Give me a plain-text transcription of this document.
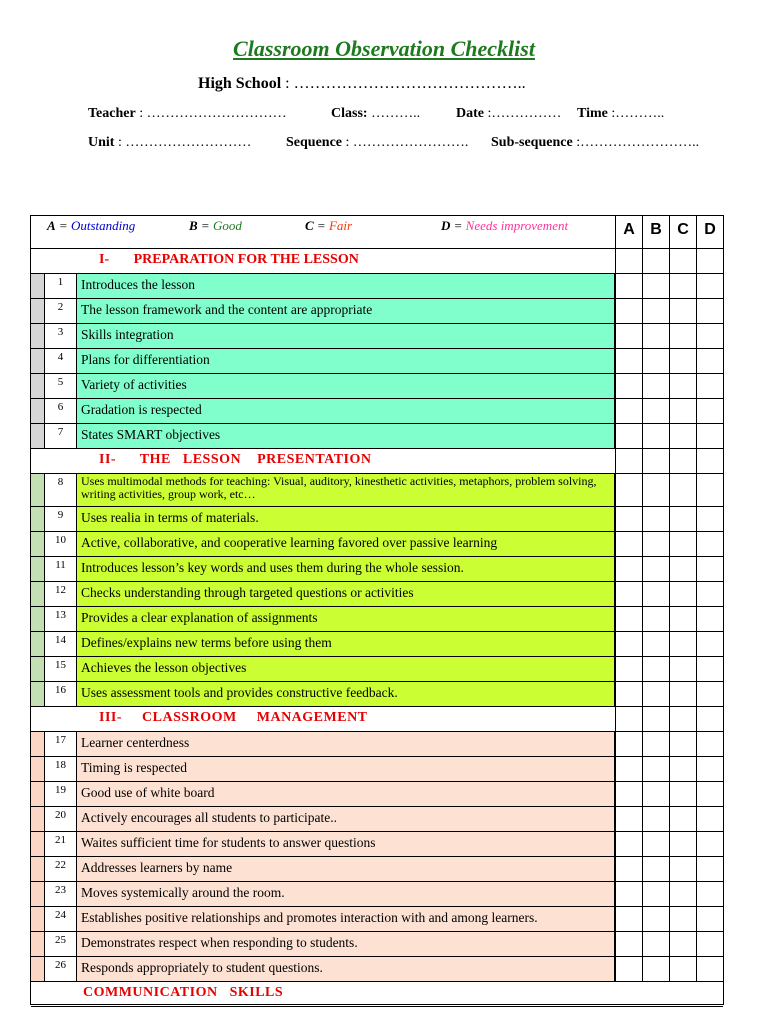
Classroom Observation Checklist
High School : ……………………………………..
Teacher : …………………………	Class: ………..	Date :…………… Time :………..
Unit : ……………………… Sequence : ……………………. Sub-sequence :……………………..
A = Outstanding	B = Good	C = Fair	D = Needs improvement	A B C D
I-       PREPARATION FOR THE LESSON
1	Introduces the lesson
2	The lesson framework and the content are appropriate
3	Skills integration
4	Plans for differentiation
5	Variety of activities
6	Gradation is respected
7	States SMART objectives
II-      THE   LESSON    PRESENTATION
8	Uses multimodal methods for teaching: Visual, auditory, kinesthetic activities, metaphors, problem solving, writing activities, group work, etc…
9	Uses realia in terms of materials.
10	Active, collaborative, and cooperative learning favored over passive learning
11	Introduces lesson’s key words and uses them during the whole session.
12	Checks understanding through targeted questions or activities
13	Provides a clear explanation of assignments
14	Defines/explains new terms before using them
15	Achieves the lesson objectives
16	Uses assessment tools and provides constructive feedback.
III-     CLASSROOM     MANAGEMENT
17	Learner centerdness
18	Timing is respected
19	Good use of white board
20	Actively encourages all students to participate..
21	Waites sufficient time for students to answer questions
22	Addresses learners by name
23	Moves systemically around the room.
24	Establishes positive relationships and promotes interaction with and among learners.
25	Demonstrates respect when responding to students.
26	Responds appropriately to student questions.
COMMUNICATION   SKILLS
